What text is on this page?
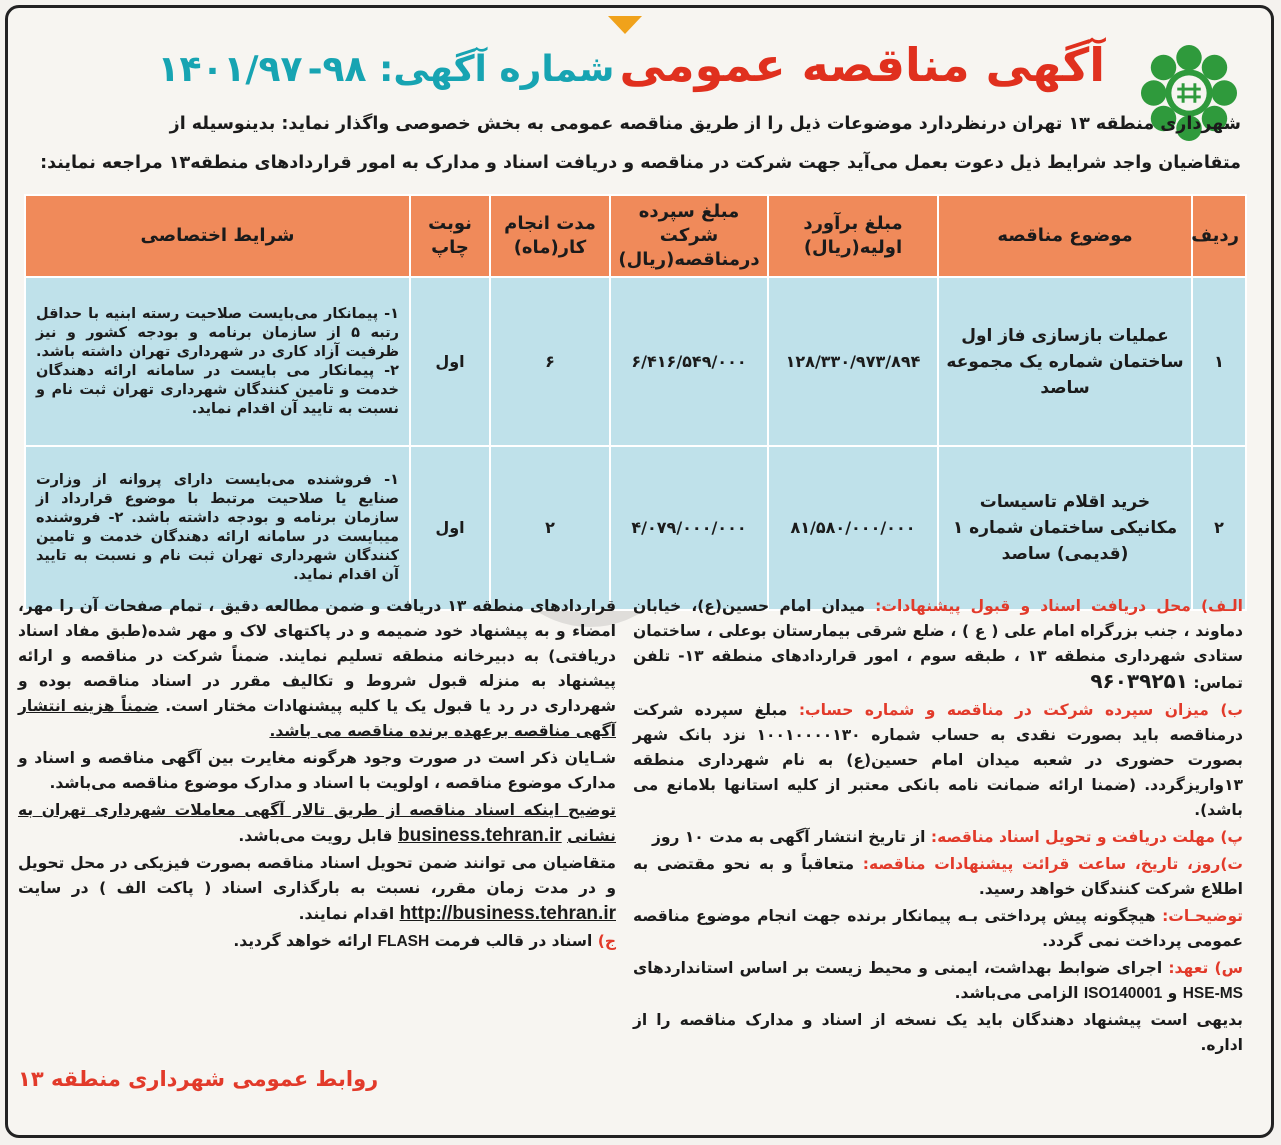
آگهی مناقصه عمومی شماره آگهی: ۹۸- ۱۴۰۱/۹۷
شهرداری منطقه ۱۳ تهران درنظردارد موضوعات ذیل را از طریق مناقصه عمومی به بخش خصوصی واگذار نماید: بدینوسیله از
متقاضیان واجد شرایط ذیل دعوت بعمل می‌آید جهت شرکت در مناقصه و دریافت اسناد و مدارک به امور قراردادهای منطقه۱۳ مراجعه نمایند:
ردیف	موضوع مناقصه	مبلغ برآورد اولیه(ریال)	مبلغ سپرده شرکت درمناقصه(ریال)	مدت انجام کار(ماه)	نوبت چاپ	شرایط اختصاصی
۱	عملیات بازسازی فاز اول ساختمان شماره یک مجموعه ساصد	۱۲۸/۳۳۰/۹۷۳/۸۹۴	۶/۴۱۶/۵۴۹/۰۰۰	۶	اول	۱- پیمانکار می‌بایست صلاحیت رسته ابنیه با حداقل رتبه ۵ از سازمان برنامه و بودجه کشور و نیز ظرفیت آزاد کاری در شهرداری تهران داشته باشد. ۲- پیمانکار می بایست در سامانه ارائه دهندگان خدمت و تامین کنندگان شهرداری تهران ثبت نام و نسبت به تایید آن اقدام نماید.
۲	خرید اقلام تاسیسات مکانیکی ساختمان شماره ۱ (قدیمی) ساصد	۸۱/۵۸۰/۰۰۰/۰۰۰	۴/۰۷۹/۰۰۰/۰۰۰	۲	اول	۱- فروشنده می‌بایست دارای پروانه از وزارت صنایع یا صلاحیت مرتبط با موضوع قرارداد از سازمان برنامه و بودجه داشته باشد. ۲- فروشنده میبایست در سامانه ارائه دهندگان خدمت و تامین کنندگان شهرداری تهران ثبت نام و نسبت به تایید آن اقدام نماید.

الـف) محل دریافت اسناد و قبول پیشنهادات: میدان امام حسین(ع)، خیابان دماوند ، جنب بزرگراه امام علی ( ع ) ، ضلع شرقی بیمارستان بوعلی ، ساختمان ستادی شهرداری منطقه ۱۳ ، طبقه سوم ، امور قراردادهای منطقه ۱۳- تلفن تماس: ۹۶۰۳۹۲۵۱

ب) میزان سپرده شرکت در مناقصه و شماره حساب: مبلغ سپرده شرکت درمناقصه باید بصورت نقدی به حساب شماره ۱۰۰۱۰۰۰۰۱۳۰ نزد بانک شهر بصورت حضوری در شعبه میدان امام حسین(ع) به نام شهرداری منطقه ۱۳واریزگردد. (ضمنا ارائه ضمانت نامه بانکی معتبر از کلیه استانها بلامانع می باشد).

پ) مهلت دریافت و تحویل اسناد مناقصه: از تاریخ انتشار آگهی به مدت ۱۰ روز

ت)روز، تاریخ، ساعت قرائت پیشنهادات مناقصه: متعاقباً و به نحو مقتضی به اطلاع شرکت کنندگان خواهد رسید.

توضیحـات: هیچگونه پیش پرداختی بـه پیمانکار برنده جهت انجام موضوع مناقصه عمومی پرداخت نمی گردد.

س) تعهد: اجرای ضوابط بهداشت، ایمنی و محیط زیست بر اساس استانداردهای HSE-MS و ISO140001 الزامی می‌باشد.

بدیهی است پیشنهاد دهندگان باید یک نسخه از اسناد و مدارک مناقصه را از اداره.

قراردادهای منطقه ۱۳ دریافت و ضمن مطالعه دقیق ، تمام صفحات آن را مهر، امضاء و به پیشنهاد خود ضمیمه و در پاکتهای لاک و مهر شده(طبق مفاد اسناد دریافتی) به دبیرخانه منطقه تسلیم نمایند. ضمناً شرکت در مناقصه و ارائه پیشنهاد به منزله قبول شروط و تکالیف مقرر در اسناد مناقصه بوده و شهرداری در رد یا قبول یک یا کلیه پیشنهادات مختار است. ضمناً هزینه انتشار آگهی مناقصه برعهده برنده مناقصه می باشد.

شـایان ذکر است در صورت وجود هرگونه مغایرت بین آگهی مناقصه و اسناد و مدارک موضوع مناقصه ، اولویت با اسناد و مدارک موضوع مناقصه می‌باشد.

توضیح اینکه اسناد مناقصه از طریق تالار آگهی معاملات شهرداری تهران به نشانی business.tehran.ir قابل رویت می‌باشد.

متقاضیان می توانند ضمن تحویل اسناد مناقصه بصورت فیزیکی در محل تحویل و در مدت زمان مقرر، نسبت به بارگذاری اسناد ( پاکت الف ) در سایت http://business.tehran.ir اقدام نمایند.

ج) اسناد در قالب فرمت FLASH ارائه خواهد گردید.

روابط عمومی شهرداری منطقه ۱۳
